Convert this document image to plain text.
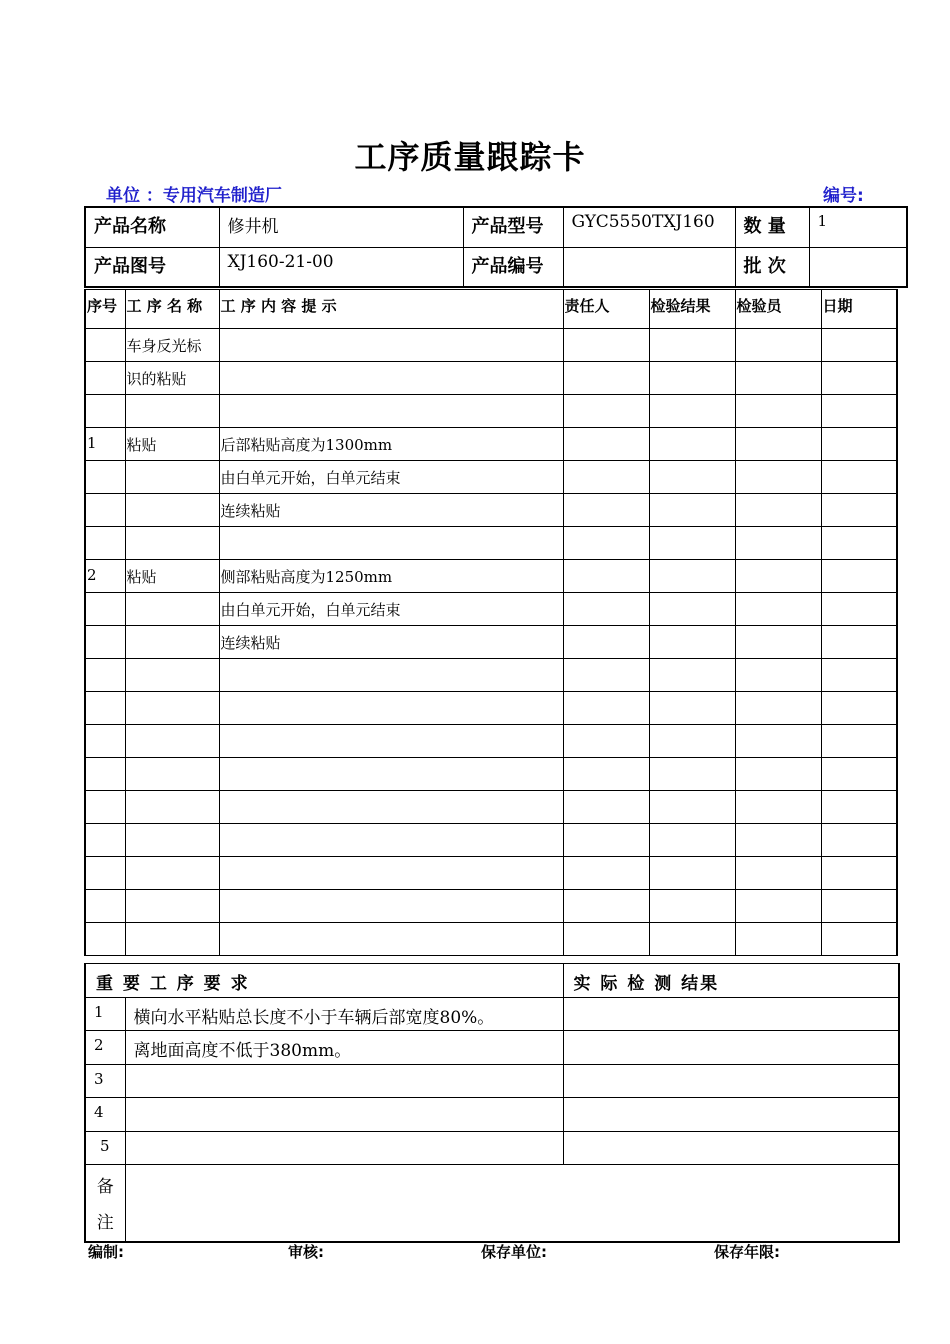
工序质量跟踪卡
单位 ：专用汽车制造厂	编号:
产品名称	修井机	产品型号	GYC5550TXJ160	数 量	1
产品图号	XJ160-21-00	产品编号		批 次	
序号	工 序 名 称	工 序 内 容 提 示	责任人	检验结果	检验员	日期
	车身反光标					
	识的粘贴					

1	粘贴	后部粘贴高度为1300mm				
		由白单元开始，白单元结束				
		连续粘贴				

2	粘贴	侧部粘贴高度为1250mm				
		由白单元开始，白单元结束				
		连续粘贴				

重 要 工 序 要 求		实 际 检 测 结果
1	横向水平粘贴总长度不小于车辆后部宽度80%。	
2	离地面高度不低于380mm。	
3		
4		
5		

备
注		

编制:	审核:	保存单位:	保存年限:
